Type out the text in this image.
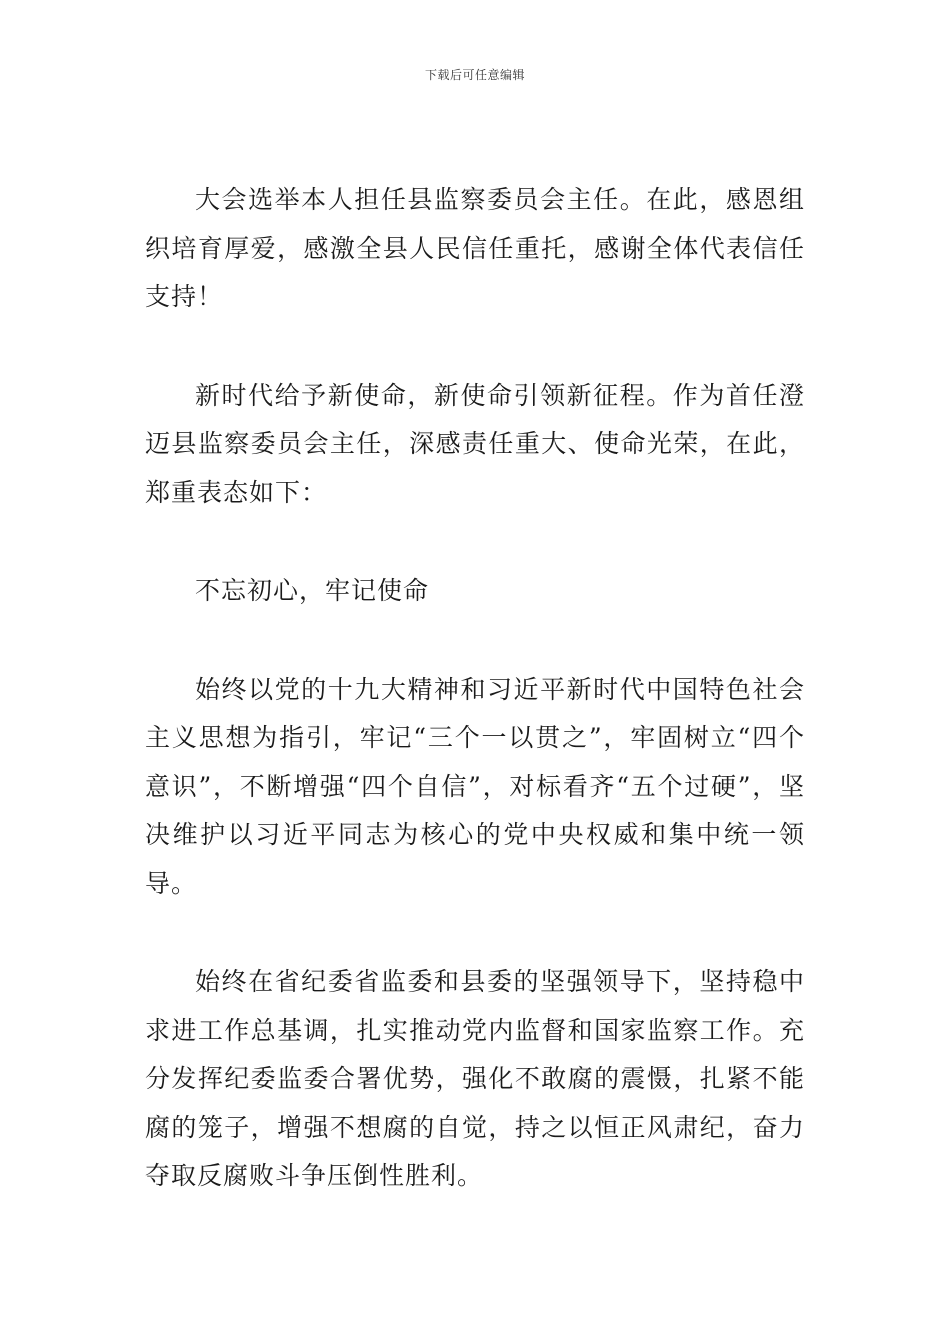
下载后可任意编辑

大会选举本人担任县监察委员会主任。在此，感恩组织培育厚爱，感激全县人民信任重托，感谢全体代表信任支持！

新时代给予新使命，新使命引领新征程。作为首任澄迈县监察委员会主任，深感责任重大、使命光荣，在此，郑重表态如下：

不忘初心，牢记使命

始终以党的十九大精神和习近平新时代中国特色社会主义思想为指引，牢记“三个一以贯之”，牢固树立“四个意识”，不断增强“四个自信”，对标看齐“五个过硬”，坚决维护以习近平同志为核心的党中央权威和集中统一领导。

始终在省纪委省监委和县委的坚强领导下，坚持稳中求进工作总基调，扎实推动党内监督和国家监察工作。充分发挥纪委监委合署优势，强化不敢腐的震慑，扎紧不能腐的笼子，增强不想腐的自觉，持之以恒正风肃纪，奋力夺取反腐败斗争压倒性胜利。
